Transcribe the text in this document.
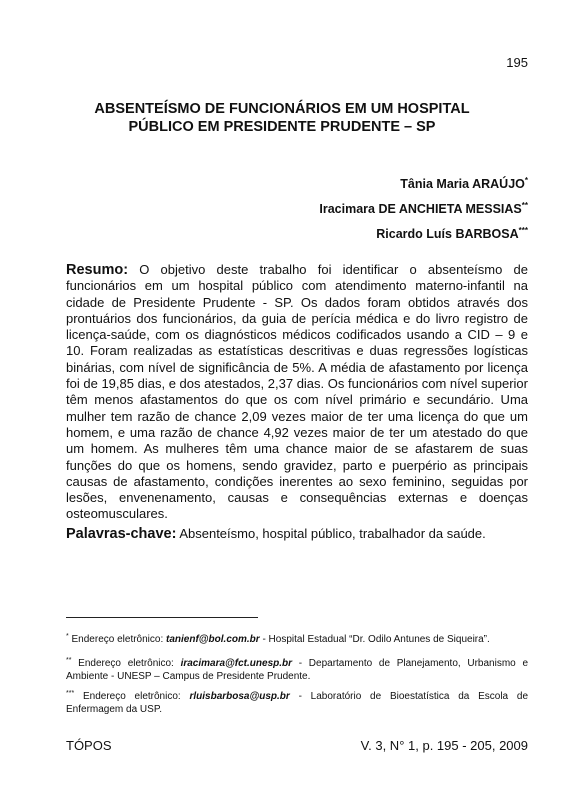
195
ABSENTEÍSMO DE FUNCIONÁRIOS EM UM HOSPITAL
PÚBLICO EM PRESIDENTE PRUDENTE – SP
Tânia Maria ARAÚJO*
Iracimara DE ANCHIETA MESSIAS**
Ricardo Luís BARBOSA***
Resumo: O objetivo deste trabalho foi identificar o absenteísmo de funcionários em um hospital público com atendimento materno-infantil na cidade de Presidente Prudente - SP. Os dados foram obtidos através dos prontuários dos funcionários, da guia de perícia médica e do livro registro de licença-saúde, com os diagnósticos médicos codificados usando a CID – 9 e 10. Foram realizadas as estatísticas descritivas e duas regressões logísticas binárias, com nível de significância de 5%. A média de afastamento por licença foi de 19,85 dias, e dos atestados, 2,37 dias. Os funcionários com nível superior têm menos afastamentos do que os com nível primário e secundário. Uma mulher tem razão de chance 2,09 vezes maior de ter uma licença do que um homem, e uma razão de chance 4,92 vezes maior de ter um atestado do que um homem. As mulheres têm uma chance maior de se afastarem de suas funções do que os homens, sendo gravidez, parto e puerpério as principais causas de afastamento, condições inerentes ao sexo feminino, seguidas por lesões, envenenamento, causas e consequências externas e doenças osteomusculares.
Palavras-chave: Absenteísmo, hospital público, trabalhador da saúde.
* Endereço eletrônico: tanienf@bol.com.br - Hospital Estadual “Dr. Odilo Antunes de Siqueira”.
** Endereço eletrônico: iracimara@fct.unesp.br - Departamento de Planejamento, Urbanismo e Ambiente - UNESP – Campus de Presidente Prudente.
*** Endereço eletrônico: rluisbarbosa@usp.br - Laboratório de Bioestatística da Escola de Enfermagem da USP.
TÓPOS	V. 3, N° 1, p. 195 - 205, 2009
